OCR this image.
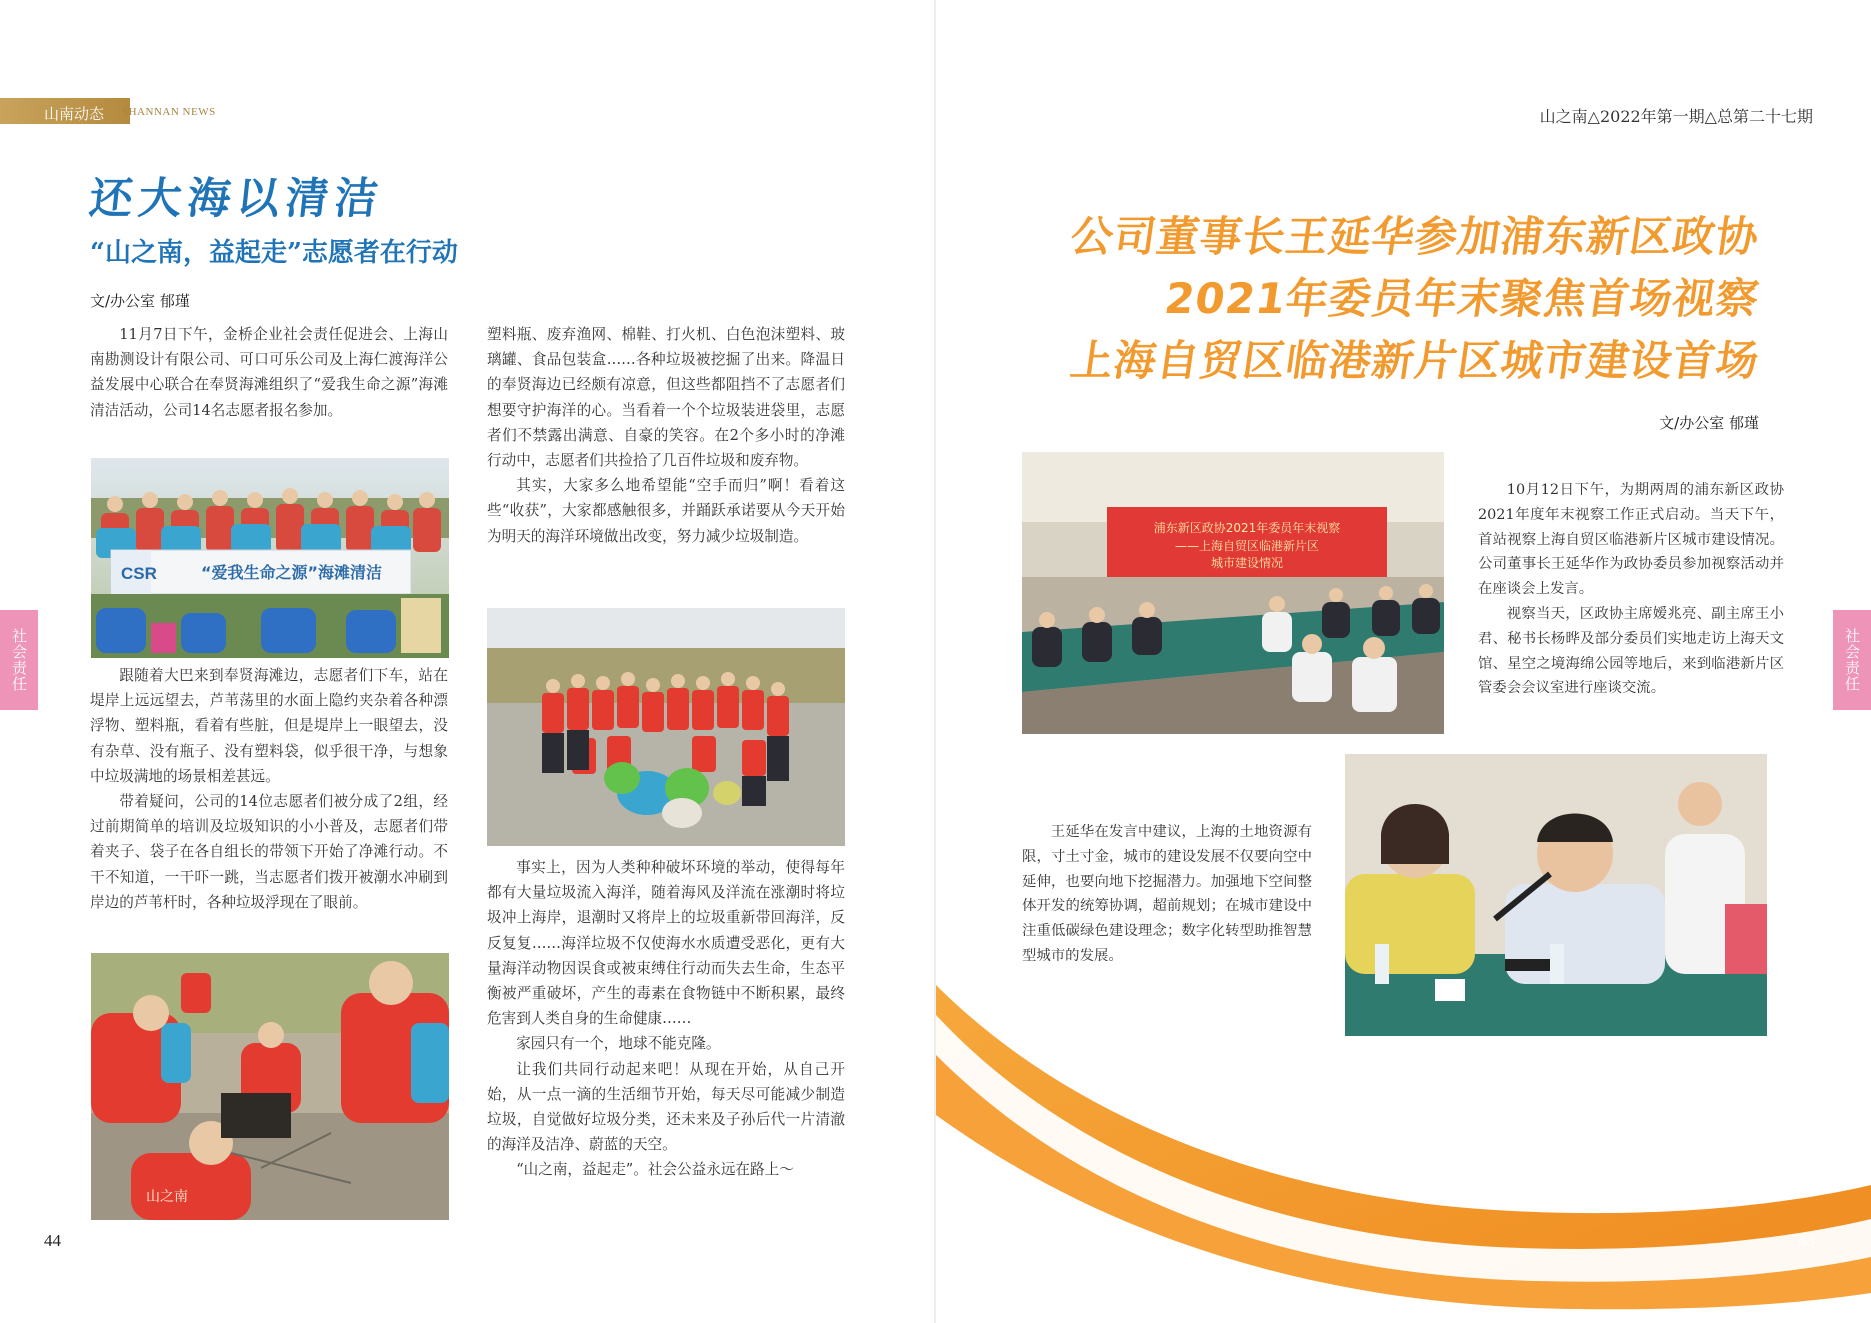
山南动态 SHANNAN NEWS
还大海以清洁
“山之南，益起走”志愿者在行动
文/办公室 郁瑾

11月7日下午，金桥企业社会责任促进会、上海山南勘测设计有限公司、可口可乐公司及上海仁渡海洋公益发展中心联合在奉贤海滩组织了“爱我生命之源”海滩清洁活动，公司14名志愿者报名参加。

CSR	“爱我生命之源”海滩清洁

跟随着大巴来到奉贤海滩边，志愿者们下车，站在堤岸上远远望去，芦苇荡里的水面上隐约夹杂着各种漂浮物、塑料瓶，看着有些脏，但是堤岸上一眼望去，没有杂草、没有瓶子、没有塑料袋，似乎很干净，与想象中垃圾满地的场景相差甚远。

带着疑问，公司的14位志愿者们被分成了2组，经过前期简单的培训及垃圾知识的小小普及，志愿者们带着夹子、袋子在各自组长的带领下开始了净滩行动。不干不知道，一干吓一跳，当志愿者们拨开被潮水冲刷到岸边的芦苇杆时，各种垃圾浮现在了眼前。

山之南

塑料瓶、废弃渔网、棉鞋、打火机、白色泡沫塑料、玻璃罐、食品包装盒……各种垃圾被挖掘了出来。降温日的奉贤海边已经颇有凉意，但这些都阻挡不了志愿者们想要守护海洋的心。当看着一个个垃圾装进袋里，志愿者们不禁露出满意、自豪的笑容。在2个多小时的净滩行动中，志愿者们共捡拾了几百件垃圾和废弃物。

其实，大家多么地希望能“空手而归”啊！看着这些“收获”，大家都感触很多，并踊跃承诺要从今天开始为明天的海洋环境做出改变，努力减少垃圾制造。

事实上，因为人类种种破坏环境的举动，使得每年都有大量垃圾流入海洋，随着海风及洋流在涨潮时将垃圾冲上海岸，退潮时又将岸上的垃圾重新带回海洋，反反复复……海洋垃圾不仅使海水水质遭受恶化，更有大量海洋动物因误食或被束缚住行动而失去生命，生态平衡被严重破坏，产生的毒素在食物链中不断积累，最终危害到人类自身的生命健康……

家园只有一个，地球不能克隆。

让我们共同行动起来吧！从现在开始，从自己开始，从一点一滴的生活细节开始，每天尽可能减少制造垃圾，自觉做好垃圾分类，还未来及子孙后代一片清澈的海洋及洁净、蔚蓝的天空。

“山之南，益起走”。社会公益永远在路上～

社会责任
44
山之南△2022年第一期△总第二十七期
公司董事长王延华参加浦东新区政协
2021年委员年末聚焦首场视察
上海自贸区临港新片区城市建设首场
文/办公室 郁瑾
浦东新区政协2021年委员年末视察
——上海自贸区临港新片区
城市建设情况

10月12日下午，为期两周的浦东新区政协2021年度年末视察工作正式启动。当天下午，首站视察上海自贸区临港新片区城市建设情况。公司董事长王延华作为政协委员参加视察活动并在座谈会上发言。

视察当天，区政协主席嫒兆亮、副主席王小君、秘书长杨晔及部分委员们实地走访上海天文馆、星空之境海绵公园等地后，来到临港新片区管委会会议室进行座谈交流。

王延华在发言中建议，上海的土地资源有限，寸土寸金，城市的建设发展不仅要向空中延伸，也要向地下挖掘潜力。加强地下空间整体开发的统筹协调，超前规划；在城市建设中注重低碳绿色建设理念；数字化转型助推智慧型城市的发展。

社会责任
43
